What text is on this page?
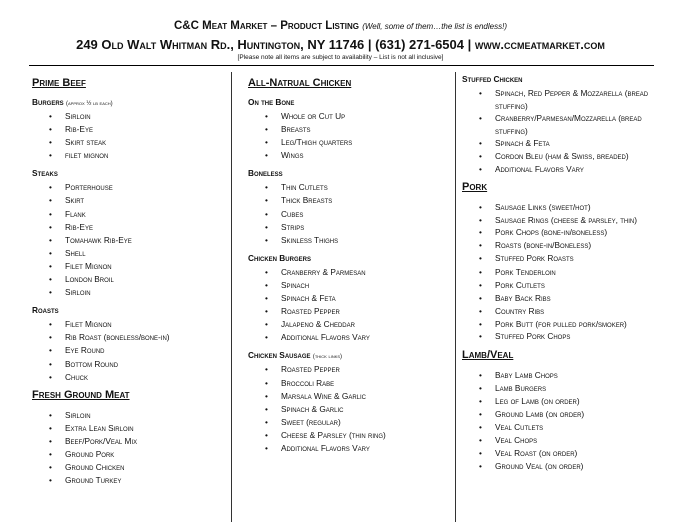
C&C Meat Market – Product Listing (Well, some of them…the list is endless!)
249 Old Walt Whitman Rd., Huntington, NY 11746 | (631) 271-6504 | www.ccmeatmarket.com
[Please note all items are subject to availability – List is not all inclusive]
Prime Beef
Burgers (approx ½ lb each)
• Sirloin
• Rib-Eye
• Skirt steak
• filet mignon
Steaks
• Porterhouse
• Skirt
• Flank
• Rib-Eye
• Tomahawk Rib-Eye
• Shell
• Filet Mignon
• London Broil
• Sirloin
Roasts
• Filet Mignon
• Rib Roast (boneless/bone-in)
• Eye Round
• Bottom Round
• Chuck
Fresh Ground Meat
• Sirloin
• Extra Lean Sirloin
• Beef/Pork/Veal Mix
• Ground Pork
• Ground Chicken
• Ground Turkey
All-Natrual Chicken
On the Bone
• Whole or Cut Up
• Breasts
• Leg/Thigh quarters
• Wings
Boneless
• Thin Cutlets
• Thick Breasts
• Cubes
• Strips
• Skinless Thighs
Chicken Burgers
• Cranberry & Parmesan
• Spinach
• Spinach & Feta
• Roasted Pepper
• Jalapeno & Cheddar
• Additional Flavors Vary
Chicken Sausage (thick links)
• Roasted Pepper
• Broccoli Rabe
• Marsala Wine & Garlic
• Spinach & Garlic
• Sweet (regular)
• Cheese & Parsley (thin ring)
• Additional Flavors Vary
Stuffed Chicken
• Spinach, Red Pepper & Mozzarella (bread stuffing)
• Cranberry/Parmesan/Mozzarella (bread stuffing)
• Spinach & Feta
• Cordon Bleu (ham & Swiss, breaded)
• Additional Flavors Vary
Pork
• Sausage Links (sweet/hot)
• Sausage Rings (cheese & parsley, thin)
• Pork Chops (bone-in/boneless)
• Roasts (bone-in/Boneless)
• Stuffed Pork Roasts
• Pork Tenderloin
• Pork Cutlets
• Baby Back Ribs
• Country Ribs
• Pork Butt (for pulled pork/smoker)
• Stuffed Pork Chops
Lamb/Veal
• Baby Lamb Chops
• Lamb Burgers
• Leg of Lamb (on order)
• Ground Lamb (on order)
• Veal Cutlets
• Veal Chops
• Veal Roast (on order)
• Ground Veal (on order)
